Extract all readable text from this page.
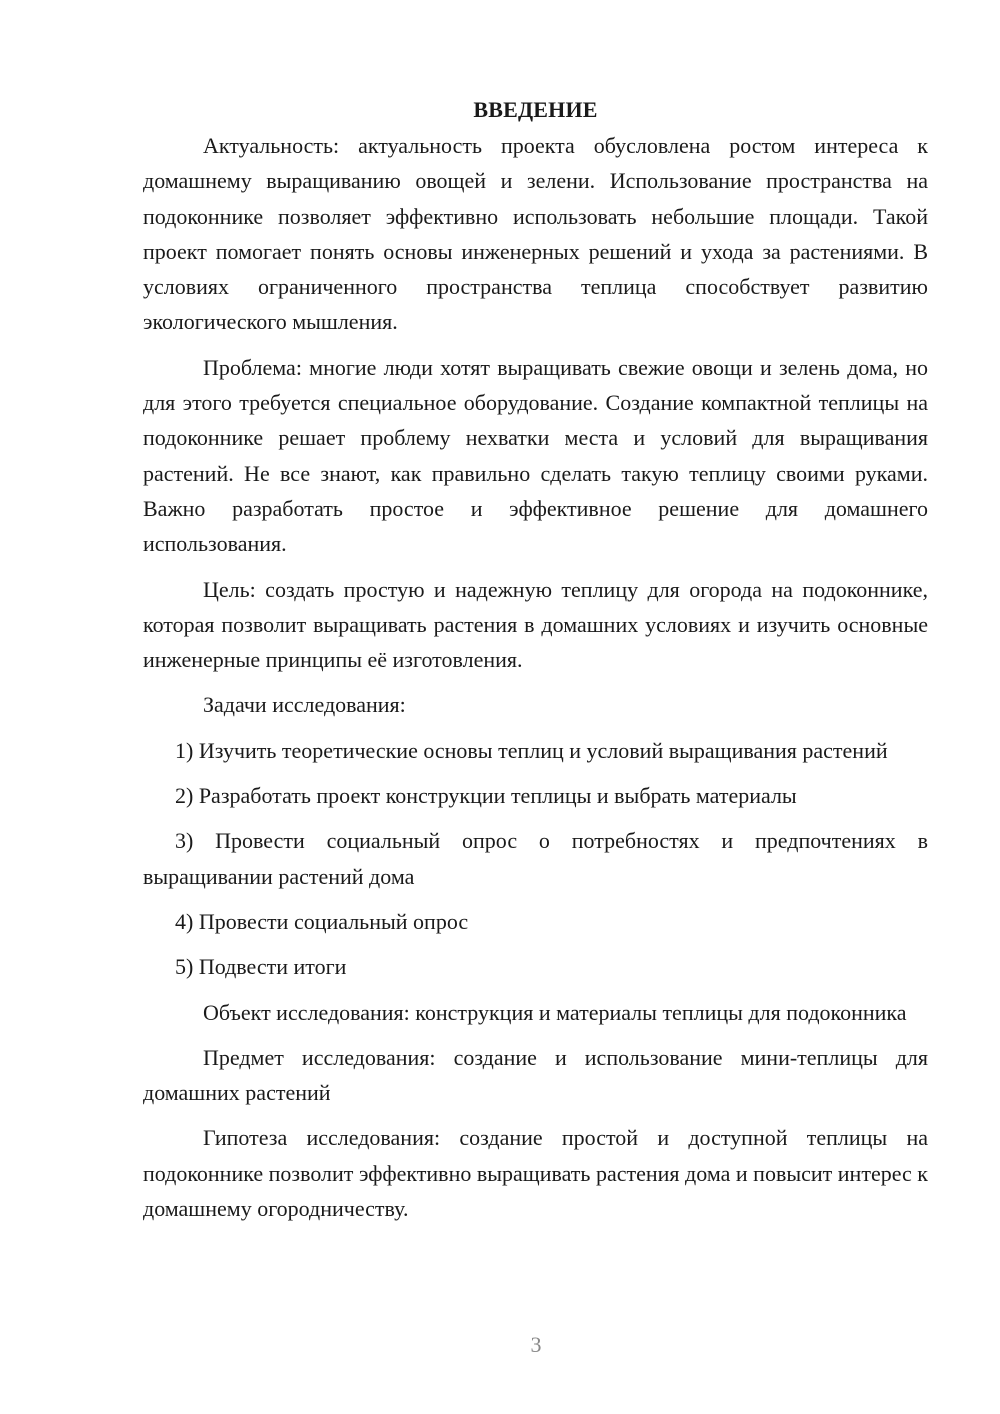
ВВЕДЕНИЕ

Актуальность: актуальность проекта обусловлена ростом интереса к домашнему выращиванию овощей и зелени. Использование пространства на подоконнике позволяет эффективно использовать небольшие площади. Такой проект помогает понять основы инженерных решений и ухода за растениями. В условиях ограниченного пространства теплица способствует развитию экологического мышления.

Проблема: многие люди хотят выращивать свежие овощи и зелень дома, но для этого требуется специальное оборудование. Создание компактной теплицы на подоконнике решает проблему нехватки места и условий для выращивания растений. Не все знают, как правильно сделать такую теплицу своими руками. Важно разработать простое и эффективное решение для домашнего использования.

Цель: создать простую и надежную теплицу для огорода на подоконнике, которая позволит выращивать растения в домашних условиях и изучить основные инженерные принципы её изготовления.

Задачи исследования:

1) Изучить теоретические основы теплиц и условий выращивания растений

2) Разработать проект конструкции теплицы и выбрать материалы

3) Провести социальный опрос о потребностях и предпочтениях в выращивании растений дома

4) Провести социальный опрос

5) Подвести итоги

Объект исследования: конструкция и материалы теплицы для подоконника

Предмет исследования: создание и использование мини-теплицы для домашних растений

Гипотеза исследования: создание простой и доступной теплицы на подоконнике позволит эффективно выращивать растения дома и повысит интерес к домашнему огородничеству.

3
